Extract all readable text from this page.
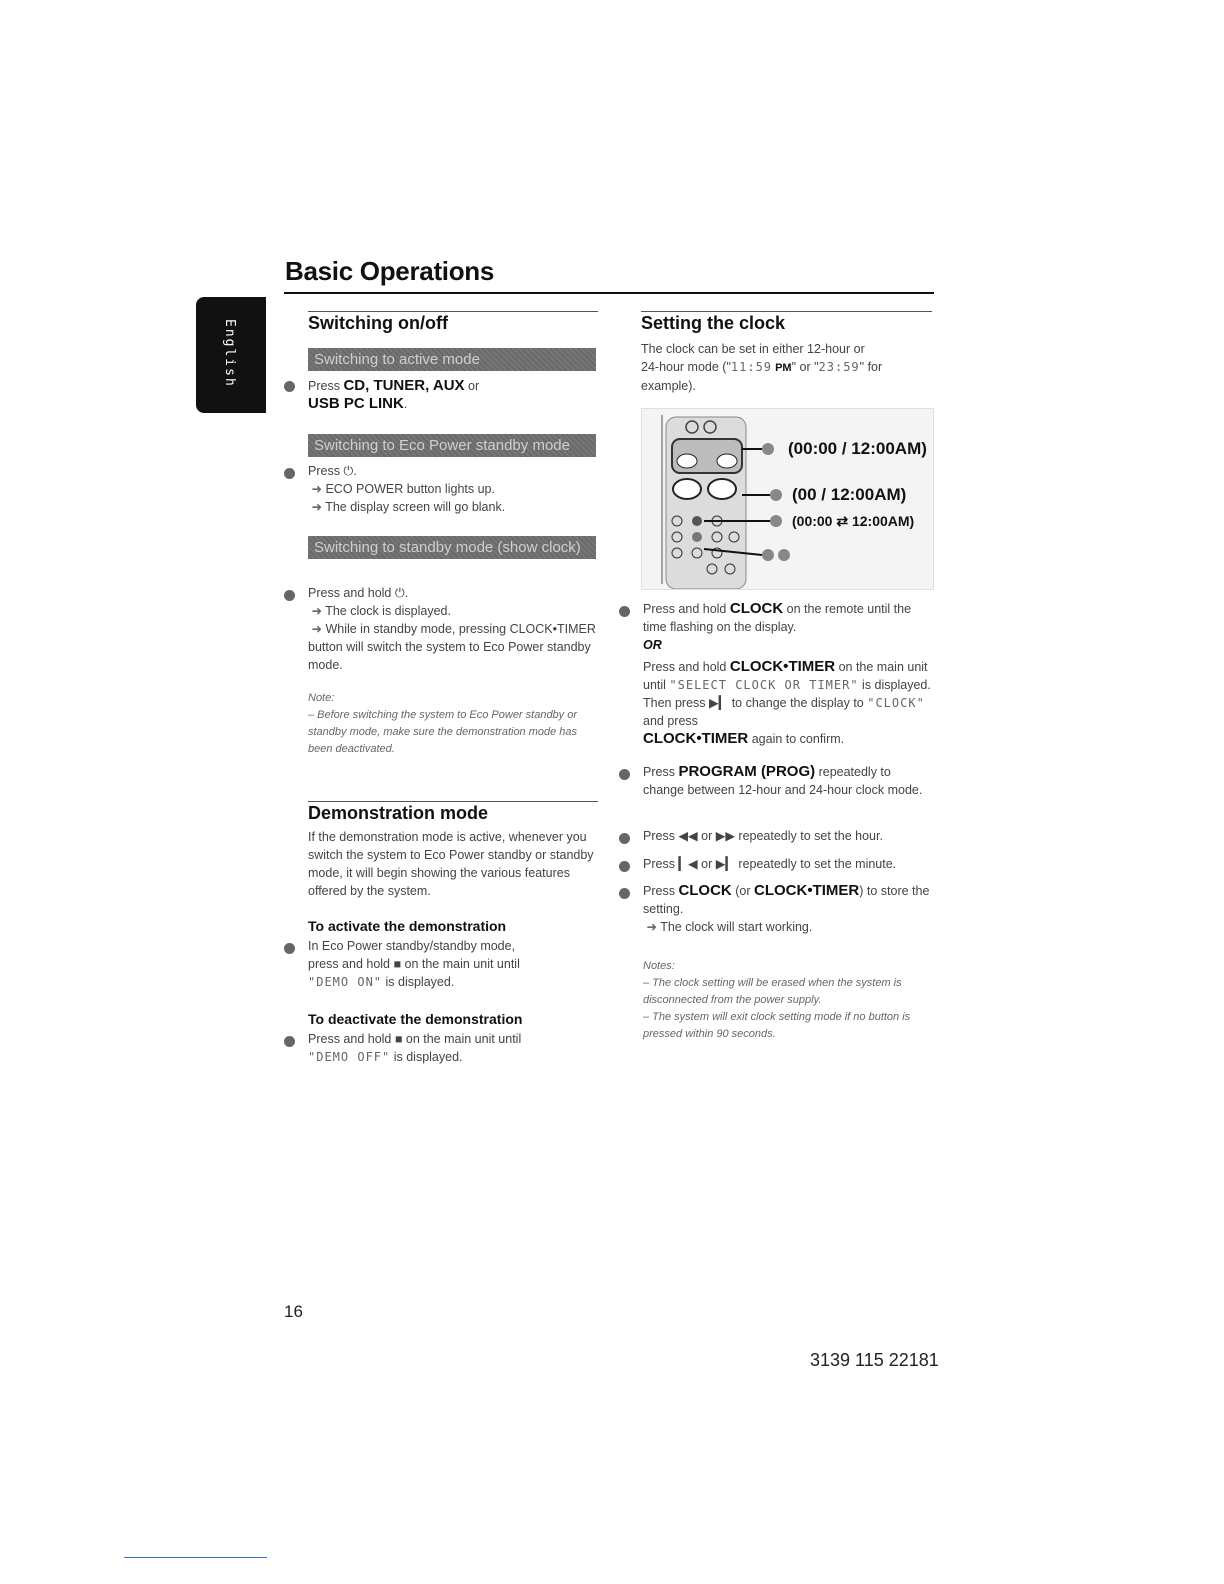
Basic Operations
English	Switching on/off
Switching to active mode
Press CD, TUNER, AUX or
USB PC LINK.
Switching to Eco Power standby mode
Press ⏻.
➜ ECO POWER button lights up.
➜ The display screen will go blank.
Switching to standby mode (show clock)
Press and hold ⏻.
➜ The clock is displayed.
➜ While in standby mode, pressing CLOCK•TIMER button will switch the system to Eco Power standby mode.
Note:
– Before switching the system to Eco Power standby or standby mode, make sure the demonstration mode has been deactivated.
Demonstration mode
If the demonstration mode is active, whenever you switch the system to Eco Power standby or standby mode, it will begin showing the various features offered by the system.
To activate the demonstration
In Eco Power standby/standby mode,
press and hold ■ on the main unit until
"DEMO ON" is displayed.
To deactivate the demonstration
Press and hold ■ on the main unit until
"DEMO OFF" is displayed.
Setting the clock
The clock can be set in either 12-hour or
24-hour mode ("11:59 PM" or "23:59" for
example).
(00:00 / 12:00AM)
(00 / 12:00AM)
(00:00 ⇄ 12:00AM)
Press and hold CLOCK on the remote until the time flashing on the display.
OR
Press and hold CLOCK•TIMER on the main unit until "SELECT CLOCK OR TIMER" is displayed. Then press ▶▎ to change the display to "CLOCK" and press
CLOCK•TIMER again to confirm.
Press PROGRAM (PROG) repeatedly to change between 12-hour and 24-hour clock mode.
Press ◀◀ or ▶▶ repeatedly to set the hour.
Press ▎◀ or ▶▎ repeatedly to set the minute.
Press CLOCK (or CLOCK•TIMER) to store the setting.
➜ The clock will start working.
Notes:
– The clock setting will be erased when the system is disconnected from the power supply.
– The system will exit clock setting mode if no button is pressed within 90 seconds.
16
3139 115 22181
